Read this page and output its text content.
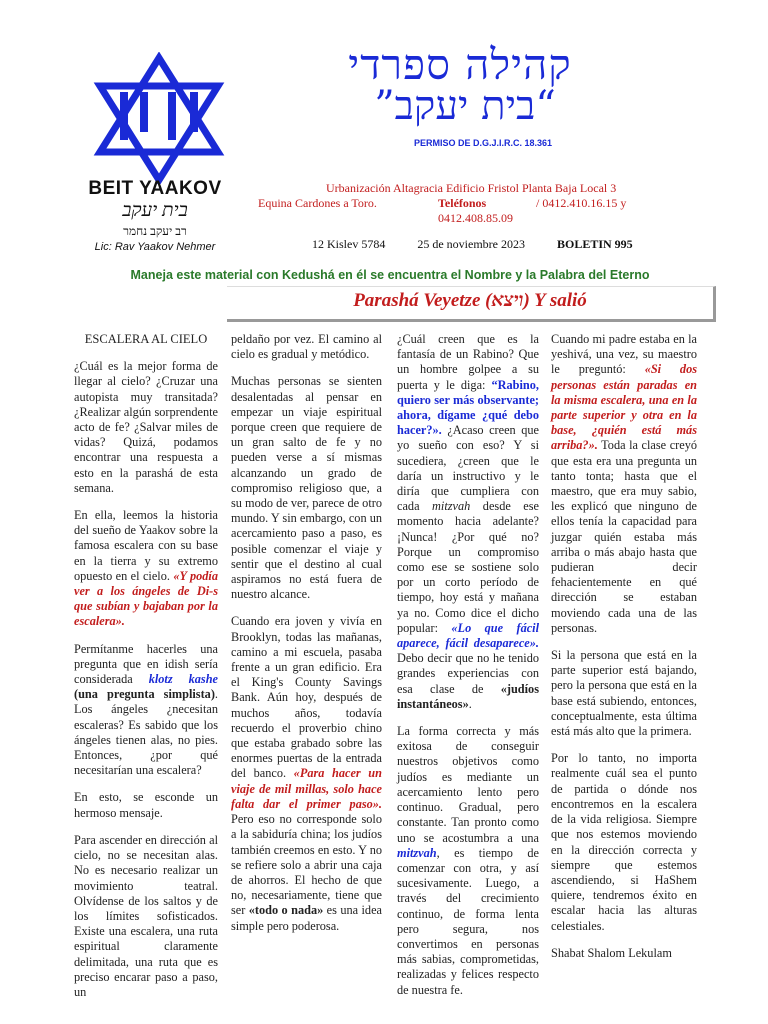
BEIT YAAKOV
בית יעקב
רב יעקב נחמר
Lic: Rav Yaakov Nehmer
קהילה ספרדי
“בית יעקב”
PERMISO DE D.G.J.I.R.C. 18.361
Urbanización Altagracia Edificio Fristol Planta Baja Local 3
Equina Cardones a Toro.	Teléfonos	/ 0412.410.16.15 y
0412.408.85.09
12 Kislev 5784	25 de noviembre 2023	BOLETIN 995
Maneja este material con Kedushá en él se encuentra el Nombre y la Palabra del Eterno
Parashá Veyetze (ויצא) Y salió

ESCALERA AL CIELO

¿Cuál es la mejor forma de llegar al cielo? ¿Cruzar una autopista muy transitada? ¿Realizar algún sorprendente acto de fe? ¿Salvar miles de vidas? Quizá, podamos encontrar una respuesta a esto en la parashá de esta semana.

En ella, leemos la historia del sueño de Yaakov sobre la famosa escalera con su base en la tierra y su extremo opuesto en el cielo. «Y podía ver a los ángeles de Di-s que subían y bajaban por la escalera».

Permítanme hacerles una pregunta que en idish sería considerada klotz kashe (una pregunta simplista). Los ángeles ¿necesitan escaleras? Es sabido que los ángeles tienen alas, no pies. Entonces, ¿por qué necesitarían una escalera?

En esto, se esconde un hermoso mensaje.

Para ascender en dirección al cielo, no se necesitan alas. No es necesario realizar un movimiento teatral. Olvídense de los saltos y de los límites sofisticados. Existe una escalera, una ruta espiritual claramente delimitada, una ruta que es preciso encarar paso a paso, un

peldaño por vez. El camino al cielo es gradual y metódico.

Muchas personas se sienten desalentadas al pensar en empezar un viaje espiritual porque creen que requiere de un gran salto de fe y no pueden verse a sí mismas alcanzando un grado de compromiso religioso que, a su modo de ver, parece de otro mundo. Y sin embargo, con un acercamiento paso a paso, es posible comenzar el viaje y sentir que el destino al cual aspiramos no está fuera de nuestro alcance.

Cuando era joven y vivía en Brooklyn, todas las mañanas, camino a mi escuela, pasaba frente a un gran edificio. Era el King's County Savings Bank. Aún hoy, después de muchos años, todavía recuerdo el proverbio chino que estaba grabado sobre las enormes puertas de la entrada del banco. «Para hacer un viaje de mil millas, solo hace falta dar el primer paso». Pero eso no corresponde solo a la sabiduría china; los judíos también creemos en esto. Y no se refiere solo a abrir una caja de ahorros. El hecho de que no, necesariamente, tiene que ser «todo o nada» es una idea simple pero poderosa.

¿Cuál creen que es la fantasía de un Rabino? Que un hombre golpee a su puerta y le diga: “Rabino, quiero ser más observante; ahora, dígame ¿qué debo hacer?». ¿Acaso creen que yo sueño con eso? Y si sucediera, ¿creen que le daría un instructivo y le diría que cumpliera con cada mitzvah desde ese momento hacia adelante? ¡Nunca! ¿Por qué no? Porque un compromiso como ese se sostiene solo por un corto período de tiempo, hoy está y mañana ya no. Como dice el dicho popular: «Lo que fácil aparece, fácil desaparece». Debo decir que no he tenido grandes experiencias con esa clase de «judíos instantáneos».

La forma correcta y más exitosa de conseguir nuestros objetivos como judíos es mediante un acercamiento lento pero continuo. Gradual, pero constante. Tan pronto como uno se acostumbra a una mitzvah, es tiempo de comenzar con otra, y así sucesivamente. Luego, a través del crecimiento continuo, de forma lenta pero segura, nos convertimos en personas más sabias, comprometidas, realizadas y felices respecto de nuestra fe.

Cuando mi padre estaba en la yeshivá, una vez, su maestro le preguntó: «Si dos personas están paradas en la misma escalera, una en la parte superior y otra en la base, ¿quién está más arriba?». Toda la clase creyó que esta era una pregunta un tanto tonta; hasta que el maestro, que era muy sabio, les explicó que ninguno de ellos tenía la capacidad para juzgar quién estaba más arriba o más abajo hasta que pudieran decir fehacientemente en qué dirección se estaban moviendo cada una de las personas.

Si la persona que está en la parte superior está bajando, pero la persona que está en la base está subiendo, entonces, conceptualmente, esta última está más alto que la primera.

Por lo tanto, no importa realmente cuál sea el punto de partida o dónde nos encontremos en la escalera de la vida religiosa. Siempre que nos estemos moviendo en la dirección correcta y siempre que estemos ascendiendo, si HaShem quiere, tendremos éxito en escalar hacia las alturas celestiales.

Shabat Shalom Lekulam
